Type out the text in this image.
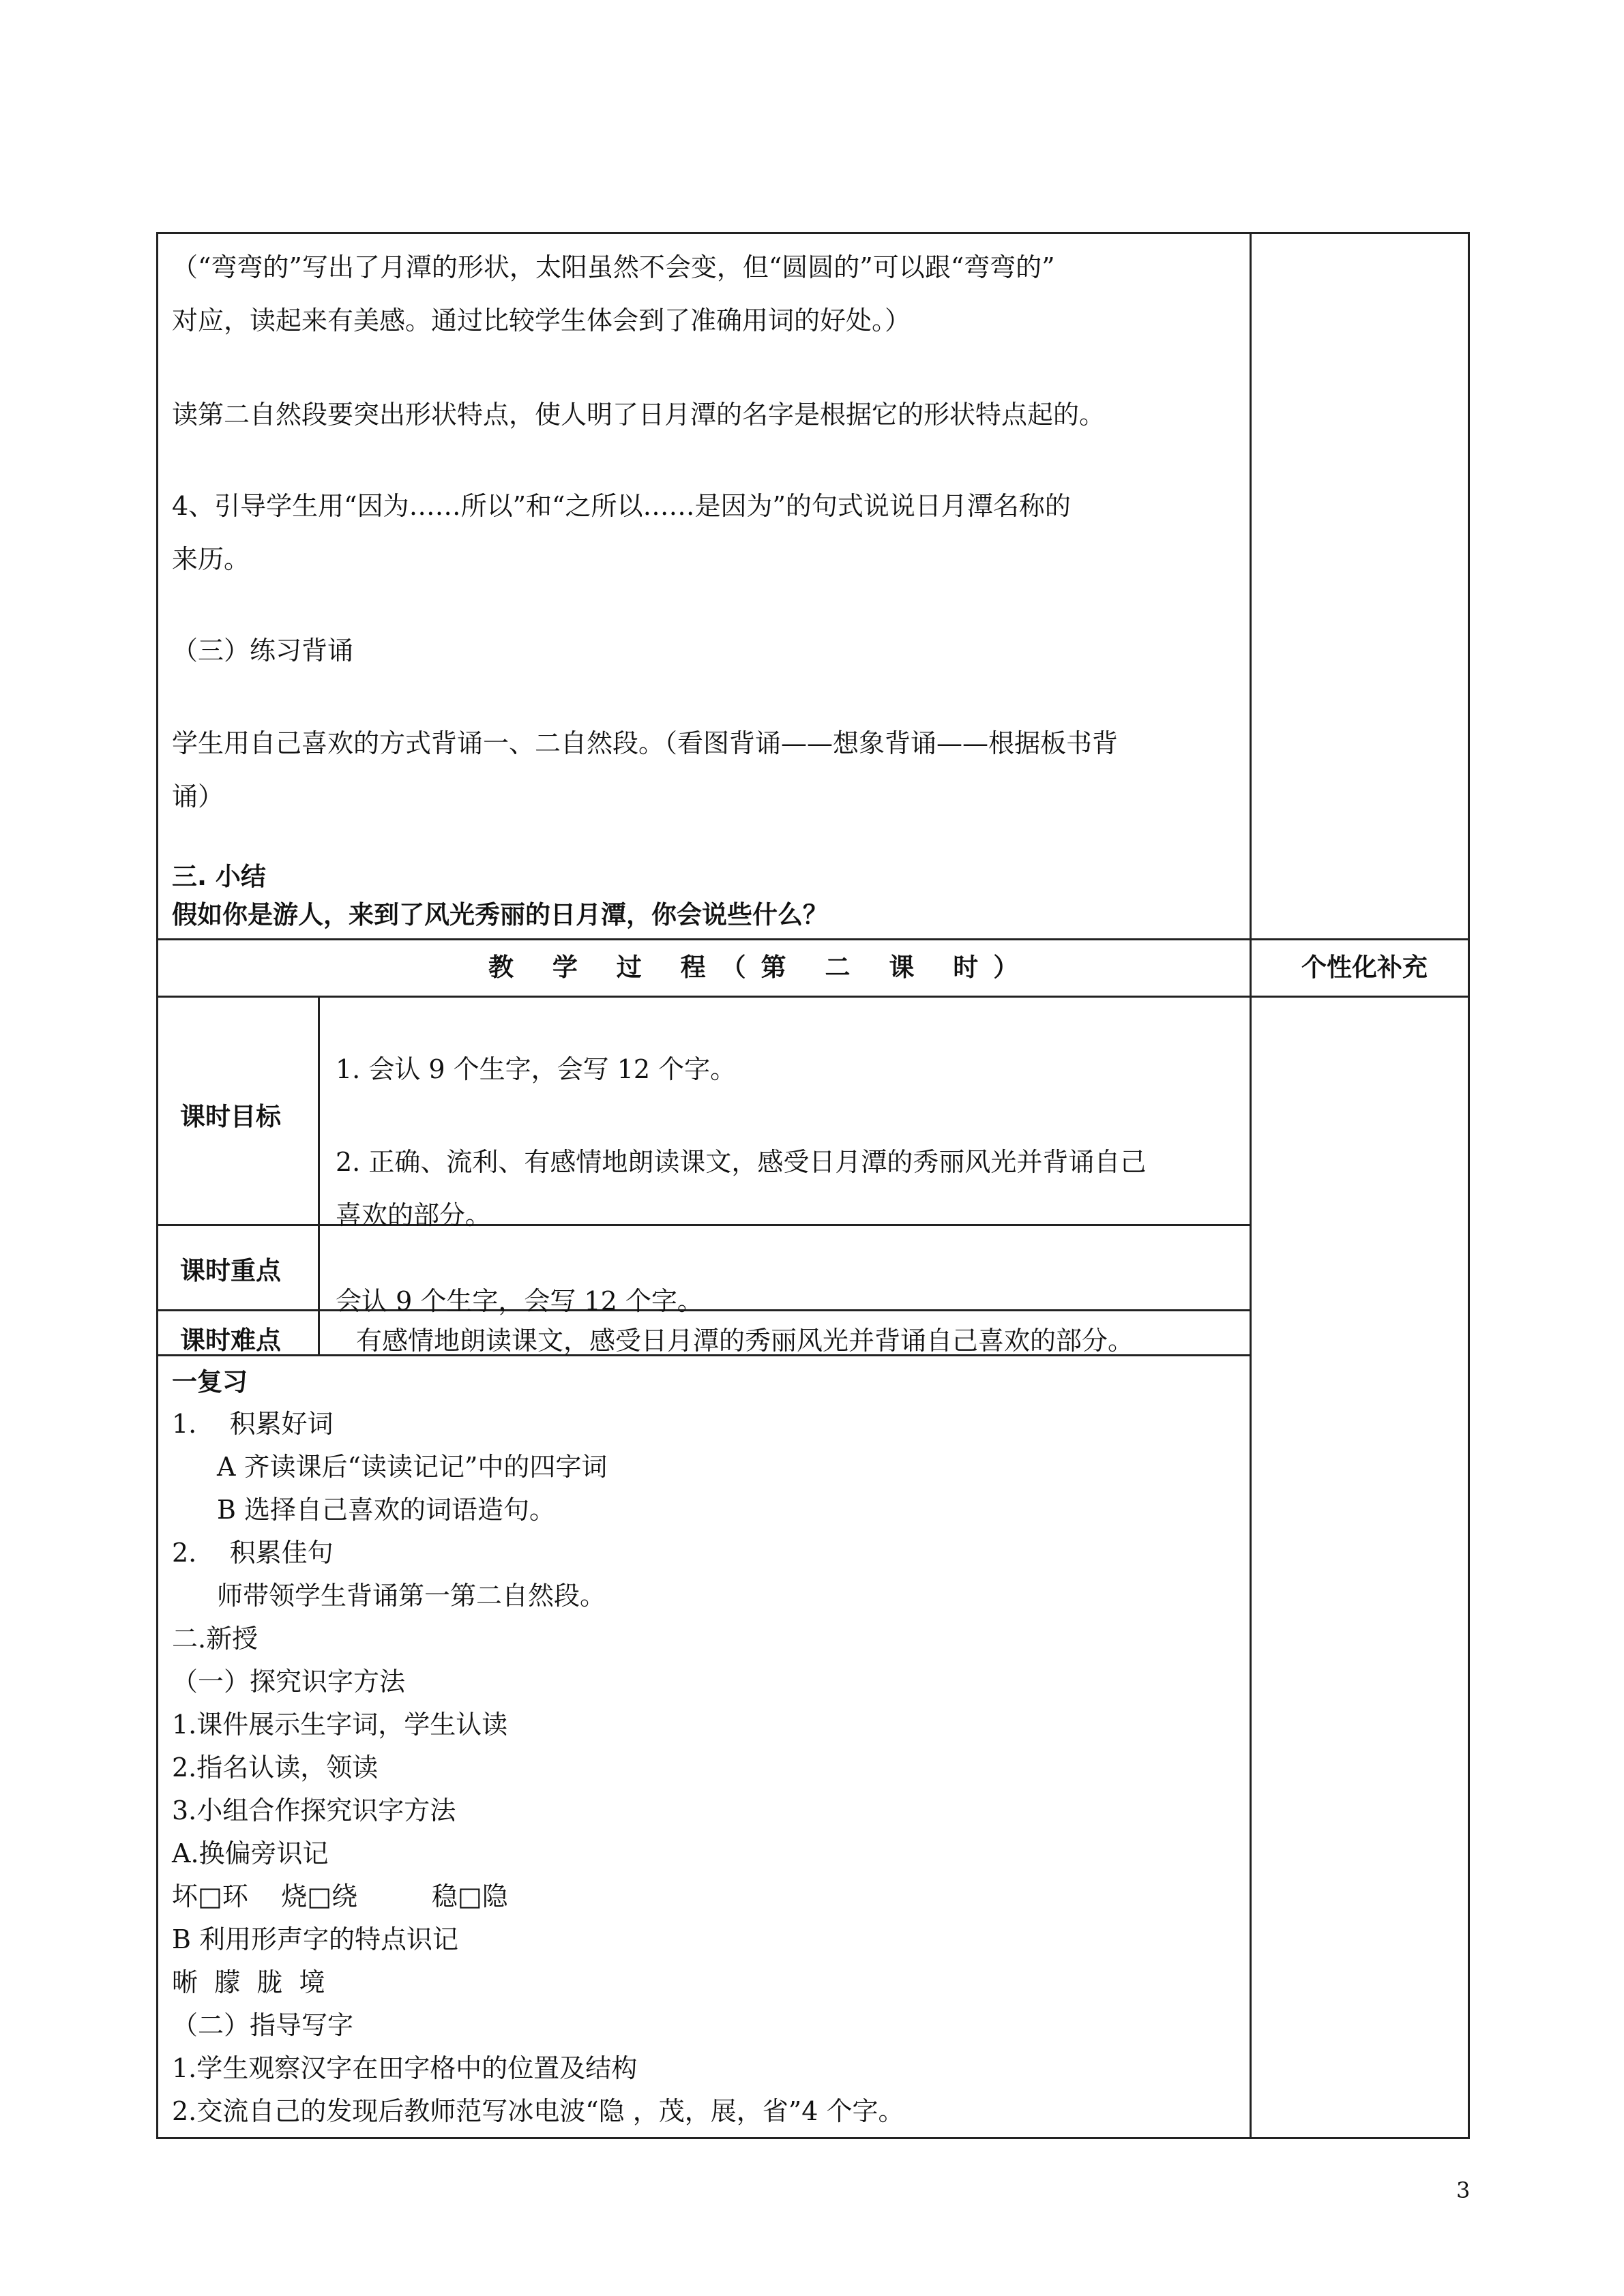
（“弯弯的”写出了月潭的形状，太阳虽然不会变，但“圆圆的”可以跟“弯弯的”
对应，读起来有美感。通过比较学生体会到了准确用词的好处。）
读第二自然段要突出形状特点，使人明了日月潭的名字是根据它的形状特点起的。
4、引导学生用“因为……所以”和“之所以……是因为”的句式说说日月潭名称的
来历。
（三）练习背诵
学生用自己喜欢的方式背诵一、二自然段。（看图背诵——想象背诵——根据板书背
诵）
三. 小结
假如你是游人，来到了风光秀丽的日月潭，你会说些什么？
教 学 过 程（第 二 课 时）	个性化补充
课时目标
1. 会认 9 个生字，会写 12 个字。
2. 正确、流利、有感情地朗读课文，感受日月潭的秀丽风光并背诵自己
喜欢的部分。
课时重点
会认 9 个生字，会写 12 个字。
课时难点	有感情地朗读课文，感受日月潭的秀丽风光并背诵自己喜欢的部分。
一复习
1.    积累好词
A 齐读课后“读读记记”中的四字词
B 选择自己喜欢的词语造句。
2.    积累佳句
师带领学生背诵第一第二自然段。
二.新授
（一）探究识字方法
1.课件展示生字词，学生认读
2.指名认读，领读
3.小组合作探究识字方法
A.换偏旁识记
坏□环    烧□绕         稳□隐
B 利用形声字的特点识记
晰  朦  胧  境
（二）指导写字
1.学生观察汉字在田字格中的位置及结构
2.交流自己的发现后教师范写冰电波“隐 ，茂，展，省”4 个字。
3
